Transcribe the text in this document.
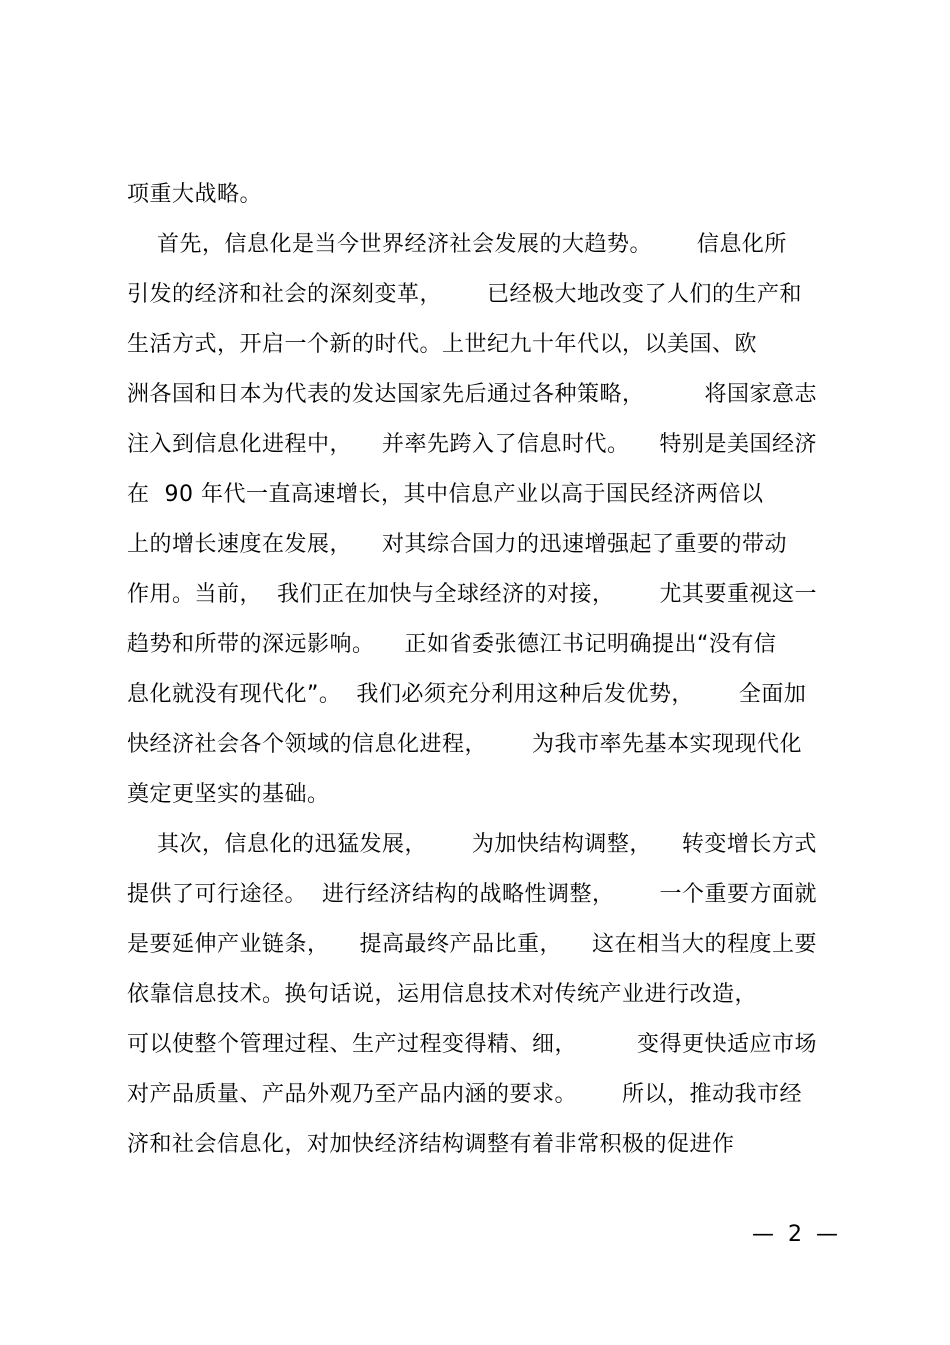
项重大战略。
首先，信息化是当今世界经济社会发展的大趋势。      信息化所
引发的经济和社会的深刻变革，      已经极大地改变了人们的生产和
生活方式，开启一个新的时代。上世纪九十年代以，以美国、欧
洲各国和日本为代表的发达国家先后通过各种策略，        将国家意志
注入到信息化进程中，    并率先跨入了信息时代。    特别是美国经济
在  90 年代一直高速增长，其中信息产业以高于国民经济两倍以
上的增长速度在发展，    对其综合国力的迅速增强起了重要的带动
作用。当前，  我们正在加快与全球经济的对接，      尤其要重视这一
趋势和所带的深远影响。    正如省委张德江书记明确提出“没有信
息化就没有现代化”。  我们必须充分利用这种后发优势，      全面加
快经济社会各个领域的信息化进程，      为我市率先基本实现现代化
奠定更坚实的基础。
其次，信息化的迅猛发展，      为加快结构调整，    转变增长方式
提供了可行途径。  进行经济结构的战略性调整，      一个重要方面就
是要延伸产业链条，    提高最终产品比重，    这在相当大的程度上要
依靠信息技术。换句话说，运用信息技术对传统产业进行改造，
可以使整个管理过程、生产过程变得精、细，        变得更快适应市场
对产品质量、产品外观乃至产品内涵的要求。      所以，推动我市经
济和社会信息化，对加快经济结构调整有着非常积极的促进作
—  2  —
